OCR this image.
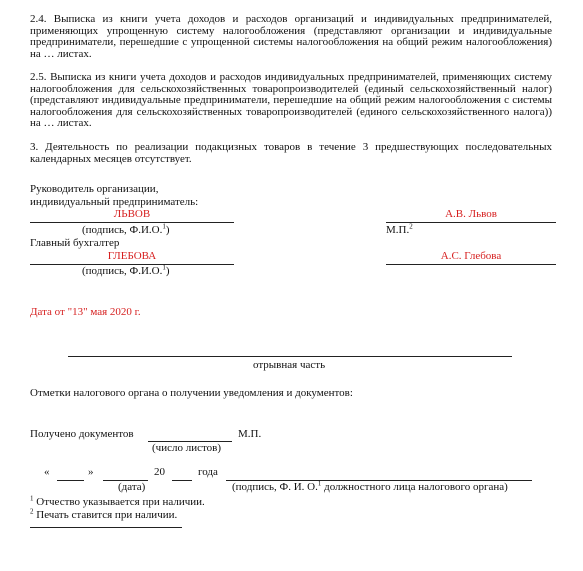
2.4. Выписка из книги учета доходов и расходов организаций и индивидуальных предпринимателей, применяющих упрощенную систему налогообложения (представляют организации и индивидуальные предприниматели, перешедшие с упрощенной системы налогообложения на общий режим налогообложения) на … листах.
2.5. Выписка из книги учета доходов и расходов индивидуальных предпринимателей, применяющих систему налогообложения для сельскохозяйственных товаропроизводителей (единый сельскохозяйственный налог) (представляют индивидуальные предприниматели, перешедшие на общий режим налогообложения с системы налогообложения для сельскохозяйственных товаропроизводителей (единого сельскохозяйственного налога)) на … листах.
3. Деятельность по реализации подакцизных товаров в течение 3 предшествующих последовательных календарных месяцев отсутствует.
Руководитель организации,
индивидуальный предприниматель:
ЛЬВОВ	А.В. Львов
(подпись, Ф.И.О.$^1$)	М.П.$^2$
Главный бухгалтер
ГЛЕБОВА	А.С. Глебова
(подпись, Ф.И.О.$^1$)
Дата от "13" мая 2020 г.
отрывная часть
Отметки налогового органа о получении уведомления и документов:
Получено документов	М.П.
(число листов)
«	»	20	года
(дата)	(подпись, Ф. И. О.$^1$ должностного лица налогового органа)
$^1$ Отчество указывается при наличии.
$^2$ Печать ставится при наличии.
